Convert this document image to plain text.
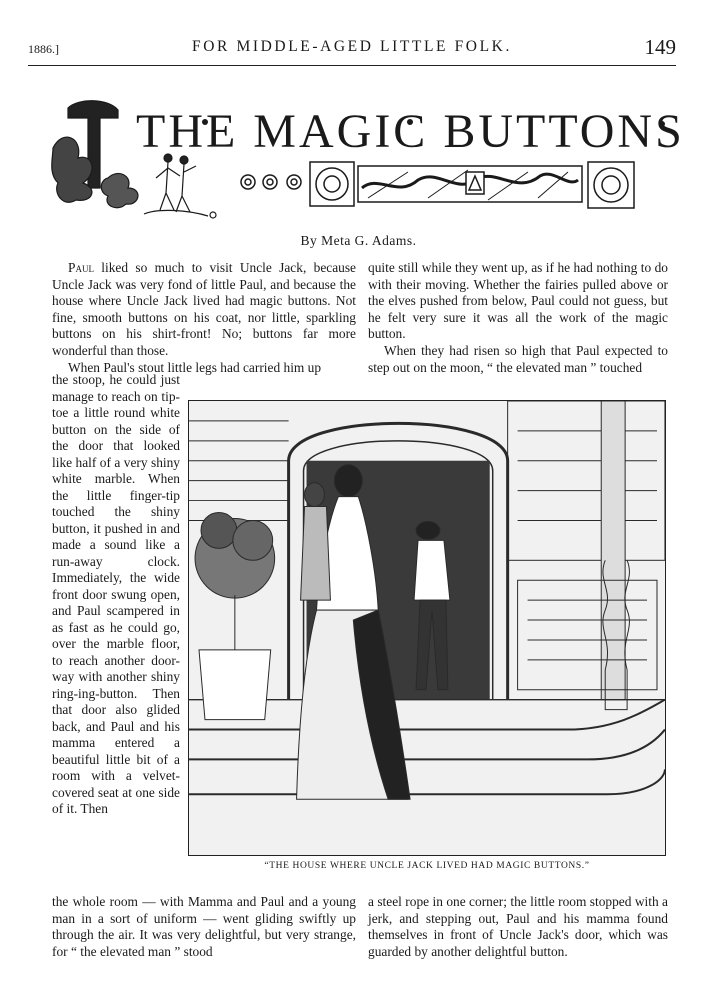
1886.]	FOR MIDDLE-AGED LITTLE FOLK.	149
THE MAGIC BUTTONS
By Meta G. Adams.

Paul liked so much to visit Uncle Jack, because Uncle Jack was very fond of little Paul, and because the house where Uncle Jack lived had magic buttons. Not fine, smooth buttons on his coat, nor little, sparkling buttons on his shirt-front! No; buttons far more wonderful than those.

When Paul's stout little legs had carried him up

the stoop, he could just manage to reach on tip-toe a little round white button on the side of the door that looked like half of a very shiny white marble. When the little finger-tip touched the shiny button, it pushed in and made a sound like a run-away clock. Immediately, the wide front door swung open, and Paul scampered in as fast as he could go, over the marble floor, to reach another door-way with another shiny ring-ing-button. Then that door also glided back, and Paul and his mamma entered a beautiful little bit of a room with a velvet-covered seat at one side of it. Then

quite still while they went up, as if he had nothing to do with their moving. Whether the fairies pulled above or the elves pushed from below, Paul could not guess, but he felt very sure it was all the work of the magic button.

When they had risen so high that Paul expected to step out on the moon, “ the elevated man ” touched

“THE HOUSE WHERE UNCLE JACK LIVED HAD MAGIC BUTTONS.”

the whole room — with Mamma and Paul and a young man in a sort of uniform — went gliding swiftly up through the air. It was very delightful, but very strange, for “ the elevated man ” stood

a steel rope in one corner; the little room stopped with a jerk, and stepping out, Paul and his mamma found themselves in front of Uncle Jack's door, which was guarded by another delightful button.
